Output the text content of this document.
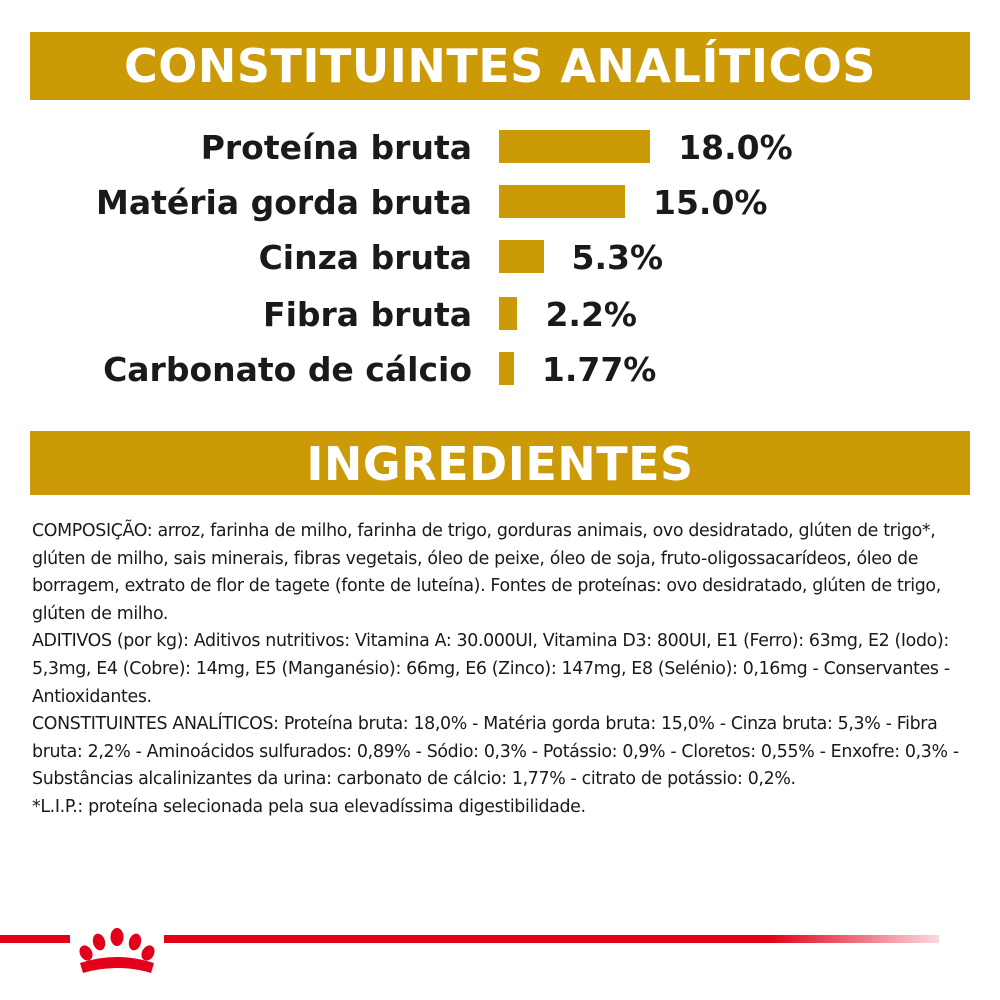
CONSTITUINTES ANALÍTICOS
Proteína bruta	18.0%
Matéria gorda bruta	15.0%
Cinza bruta	5.3%
Fibra bruta 2.2%
Carbonato de cálcio 1.77%
INGREDIENTES

COMPOSIÇÃO: arroz, farinha de milho, farinha de trigo, gorduras animais, ovo desidratado, glúten de trigo*, glúten de milho, sais minerais, fibras vegetais, óleo de peixe, óleo de soja, fruto-oligossacarídeos, óleo de borragem, extrato de flor de tagete (fonte de luteína). Fontes de proteínas: ovo desidratado, glúten de trigo, glúten de milho.

ADITIVOS (por kg): Aditivos nutritivos: Vitamina A: 30.000UI, Vitamina D3: 800UI, E1 (Ferro): 63mg, E2 (Iodo): 5,3mg, E4 (Cobre): 14mg, E5 (Manganésio): 66mg, E6 (Zinco): 147mg, E8 (Selénio): 0,16mg - Conservantes - Antioxidantes.

CONSTITUINTES ANALÍTICOS: Proteína bruta: 18,0% - Matéria gorda bruta: 15,0% - Cinza bruta: 5,3% - Fibra bruta: 2,2% - Aminoácidos sulfurados: 0,89% - Sódio: 0,3% - Potássio: 0,9% - Cloretos: 0,55% - Enxofre: 0,3% - Substâncias alcalinizantes da urina: carbonato de cálcio: 1,77% - citrato de potássio: 0,2%.

*L.I.P.: proteína selecionada pela sua elevadíssima digestibilidade.
